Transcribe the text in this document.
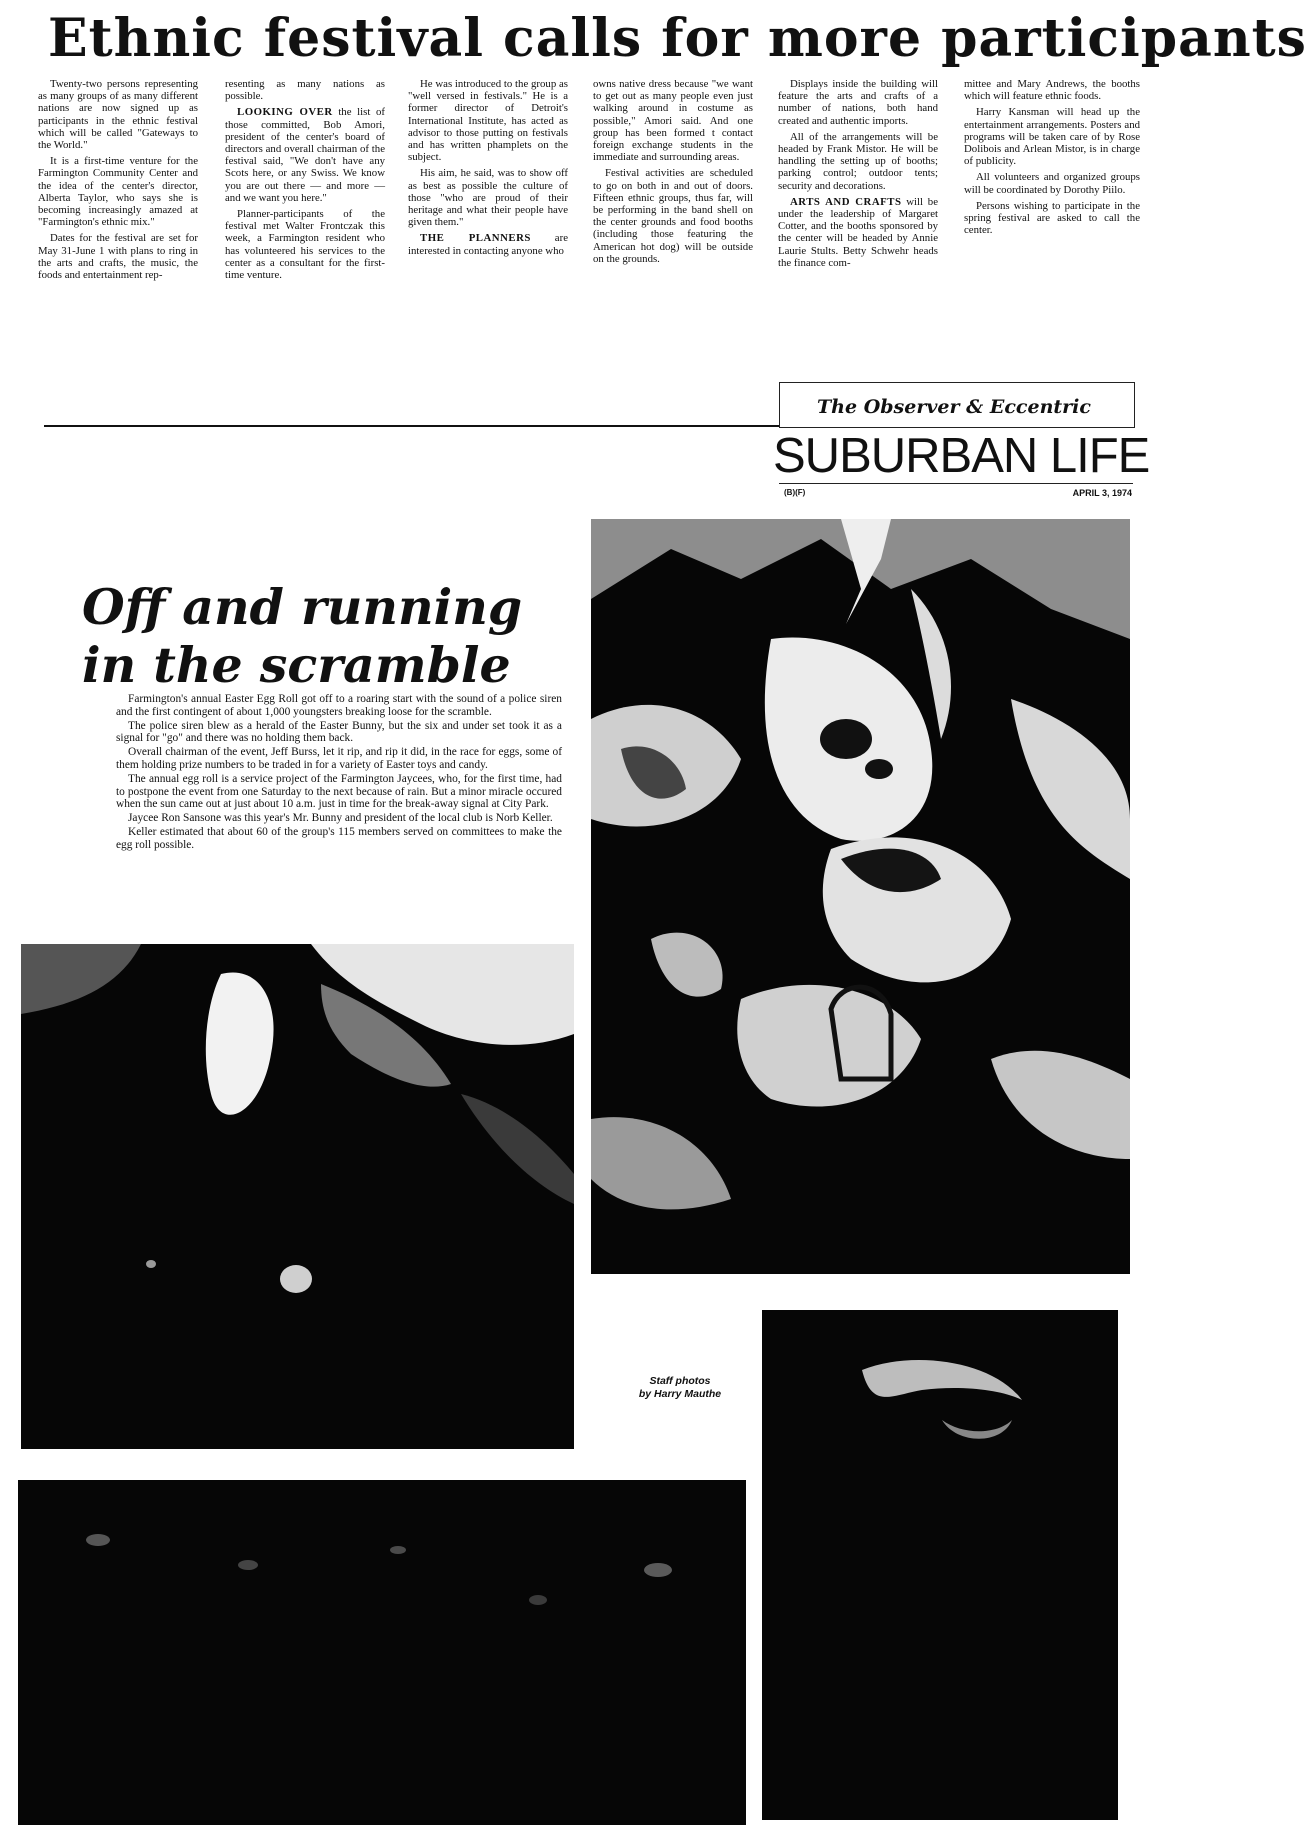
Ethnic festival calls for more participants

Twenty-two persons representing as many groups of as many different nations are now signed up as participants in the ethnic festival which will be called "Gateways to the World."

It is a first-time venture for the Farmington Community Center and the idea of the center's director, Alberta Taylor, who says she is becoming increasingly amazed at "Farmington's ethnic mix."

Dates for the festival are set for May 31-June 1 with plans to ring in the arts and crafts, the music, the foods and entertainment rep-

resenting as many nations as possible.

LOOKING OVER the list of those committed, Bob Amori, president of the center's board of directors and overall chairman of the festival said, "We don't have any Scots here, or any Swiss. We know you are out there — and more — and we want you here."

Planner-participants of the festival met Walter Frontczak this week, a Farmington resident who has volunteered his services to the center as a consultant for the first-time venture.

He was introduced to the group as "well versed in festivals." He is a former director of Detroit's International Institute, has acted as advisor to those putting on festivals and has written phamplets on the subject.

His aim, he said, was to show off as best as possible the culture of those "who are proud of their heritage and what their people have given them."

THE PLANNERS are interested in contacting anyone who

owns native dress because "we want to get out as many people even just walking around in costume as possible," Amori said. And one group has been formed t contact foreign exchange students in the immediate and surrounding areas.

Festival activities are scheduled to go on both in and out of doors. Fifteen ethnic groups, thus far, will be performing in the band shell on the center grounds and food booths (including those featuring the American hot dog) will be outside on the grounds.

Displays inside the building will feature the arts and crafts of a number of nations, both hand created and authentic imports.

All of the arrangements will be headed by Frank Mistor. He will be handling the setting up of booths; parking control; outdoor tents; security and decorations.

ARTS AND CRAFTS will be under the leadership of Margaret Cotter, and the booths sponsored by the center will be headed by Annie Laurie Stults. Betty Schwehr heads the finance com-

mittee and Mary Andrews, the booths which will feature ethnic foods.

Harry Kansman will head up the entertainment arrangements. Posters and programs will be taken care of by Rose Dolibois and Arlean Mistor, is in charge of publicity.

All volunteers and organized groups will be coordinated by Dorothy Piilo.

Persons wishing to participate in the spring festival are asked to call the center.

The Observer & Eccentric
SUBURBAN LIFE
(B)(F)	APRIL 3, 1974
Off and running
in the scramble

Farmington's annual Easter Egg Roll got off to a roaring start with the sound of a police siren and the first contingent of about 1,000 youngsters breaking loose for the scramble.

The police siren blew as a herald of the Easter Bunny, but the six and under set took it as a signal for "go" and there was no holding them back.

Overall chairman of the event, Jeff Burss, let it rip, and rip it did, in the race for eggs, some of them holding prize numbers to be traded in for a variety of Easter toys and candy.

The annual egg roll is a service project of the Farmington Jaycees, who, for the first time, had to postpone the event from one Saturday to the next because of rain. But a minor miracle occured when the sun came out at just about 10 a.m. just in time for the break-away signal at City Park.

Jaycee Ron Sansone was this year's Mr. Bunny and president of the local club is Norb Keller.

Keller estimated that about 60 of the group's 115 members served on committees to make the egg roll possible.

Staff photos
by Harry Mauthe
